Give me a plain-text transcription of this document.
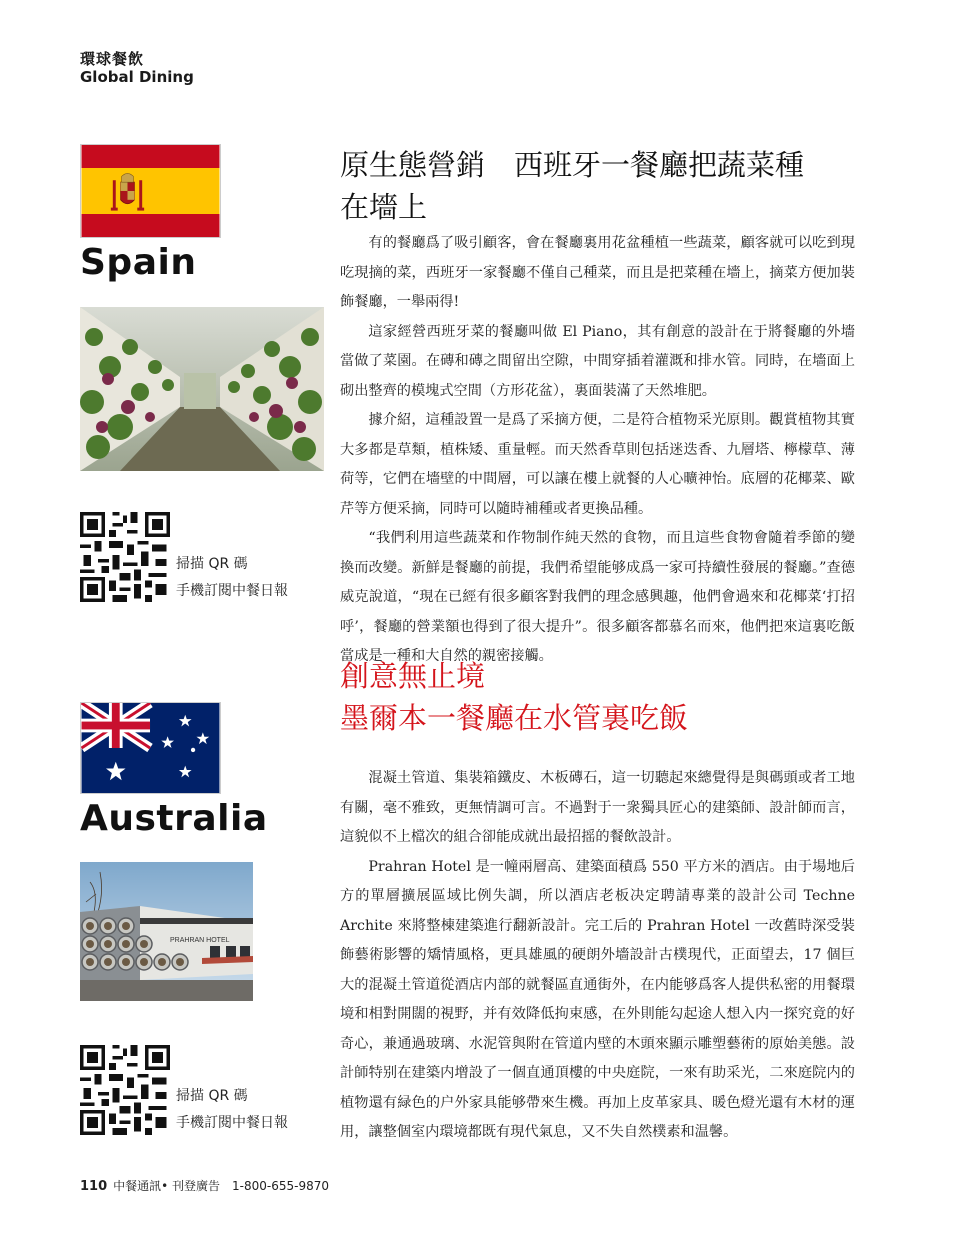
環球餐飲
Global Dining
Spain
掃描 QR 碼
手機訂閱中餐日報
原生態營銷　西班牙一餐廳把蔬菜種
在墻上

有的餐廳爲了吸引顧客，會在餐廳裏用花盆種植一些蔬菜，顧客就可以吃到現吃現摘的菜，西班牙一家餐廳不僅自己種菜，而且是把菜種在墻上，摘菜方便加裝飾餐廳，一舉兩得!

這家經營西班牙菜的餐廳叫做 El Piano，其有創意的設計在于將餐廳的外墻當做了菜園。在磚和磚之間留出空隙，中間穿插着灌溉和排水管。同時，在墻面上砌出整齊的模塊式空間（方形花盆），裏面裝滿了天然堆肥。

據介紹，這種設置一是爲了采摘方便，二是符合植物采光原則。觀賞植物其實大多都是草類，植株矮、重量輕。而天然香草則包括迷迭香、九層塔、檸檬草、薄荷等，它們在墻壁的中間層，可以讓在樓上就餐的人心曠神怡。底層的花椰菜、歐芹等方便采摘，同時可以隨時補種或者更換品種。

“我們利用這些蔬菜和作物制作純天然的食物，而且這些食物會隨着季節的變換而改變。新鮮是餐廳的前提，我們希望能够成爲一家可持續性發展的餐廳。”查德威克說道，“現在已經有很多顧客對我們的理念感興趣，他們會過來和花椰菜‘打招呼’，餐廳的營業額也得到了很大提升”。很多顧客都慕名而來，他們把來這裏吃飯當成是一種和大自然的親密接觸。

創意無止境
墨爾本一餐廳在水管裏吃飯
Australia
PRAHRAN HOTEL
掃描 QR 碼
手機訂閱中餐日報

混凝土管道、集裝箱鐵皮、木板磚石，這一切聽起來總覺得是與碼頭或者工地有關，毫不雅致，更無情調可言。不過對于一衆獨具匠心的建築師、設計師而言，這貌似不上檔次的組合卻能成就出最招摇的餐飲設計。

Prahran Hotel 是一幢兩層高、建築面積爲 550 平方米的酒店。由于場地后方的單層擴展區域比例失調，所以酒店老板决定聘請專業的設計公司 Techne Archite 來將整棟建築進行翻新設計。完工后的 Prahran Hotel 一改舊時深受裝飾藝術影響的矯情風格，更具雄風的硬朗外墻設計古樸現代，正面望去，17 個巨大的混凝土管道從酒店内部的就餐區直通街外，在内能够爲客人提供私密的用餐環境和相對開闊的視野，并有效降低拘束感，在外則能勾起途人想入内一探究竟的好奇心，兼通過玻璃、水泥管與附在管道内壁的木頭來顯示雕塑藝術的原始美態。設計師特别在建築内增設了一個直通頂樓的中央庭院，一來有助采光，二來庭院内的植物還有緑色的户外家具能够帶來生機。再加上皮革家具、暖色燈光還有木材的運用，讓整個室内環境都既有現代氣息，又不失自然樸素和温馨。

110 中餐通訊• 刊登廣告　1-800-655-9870
